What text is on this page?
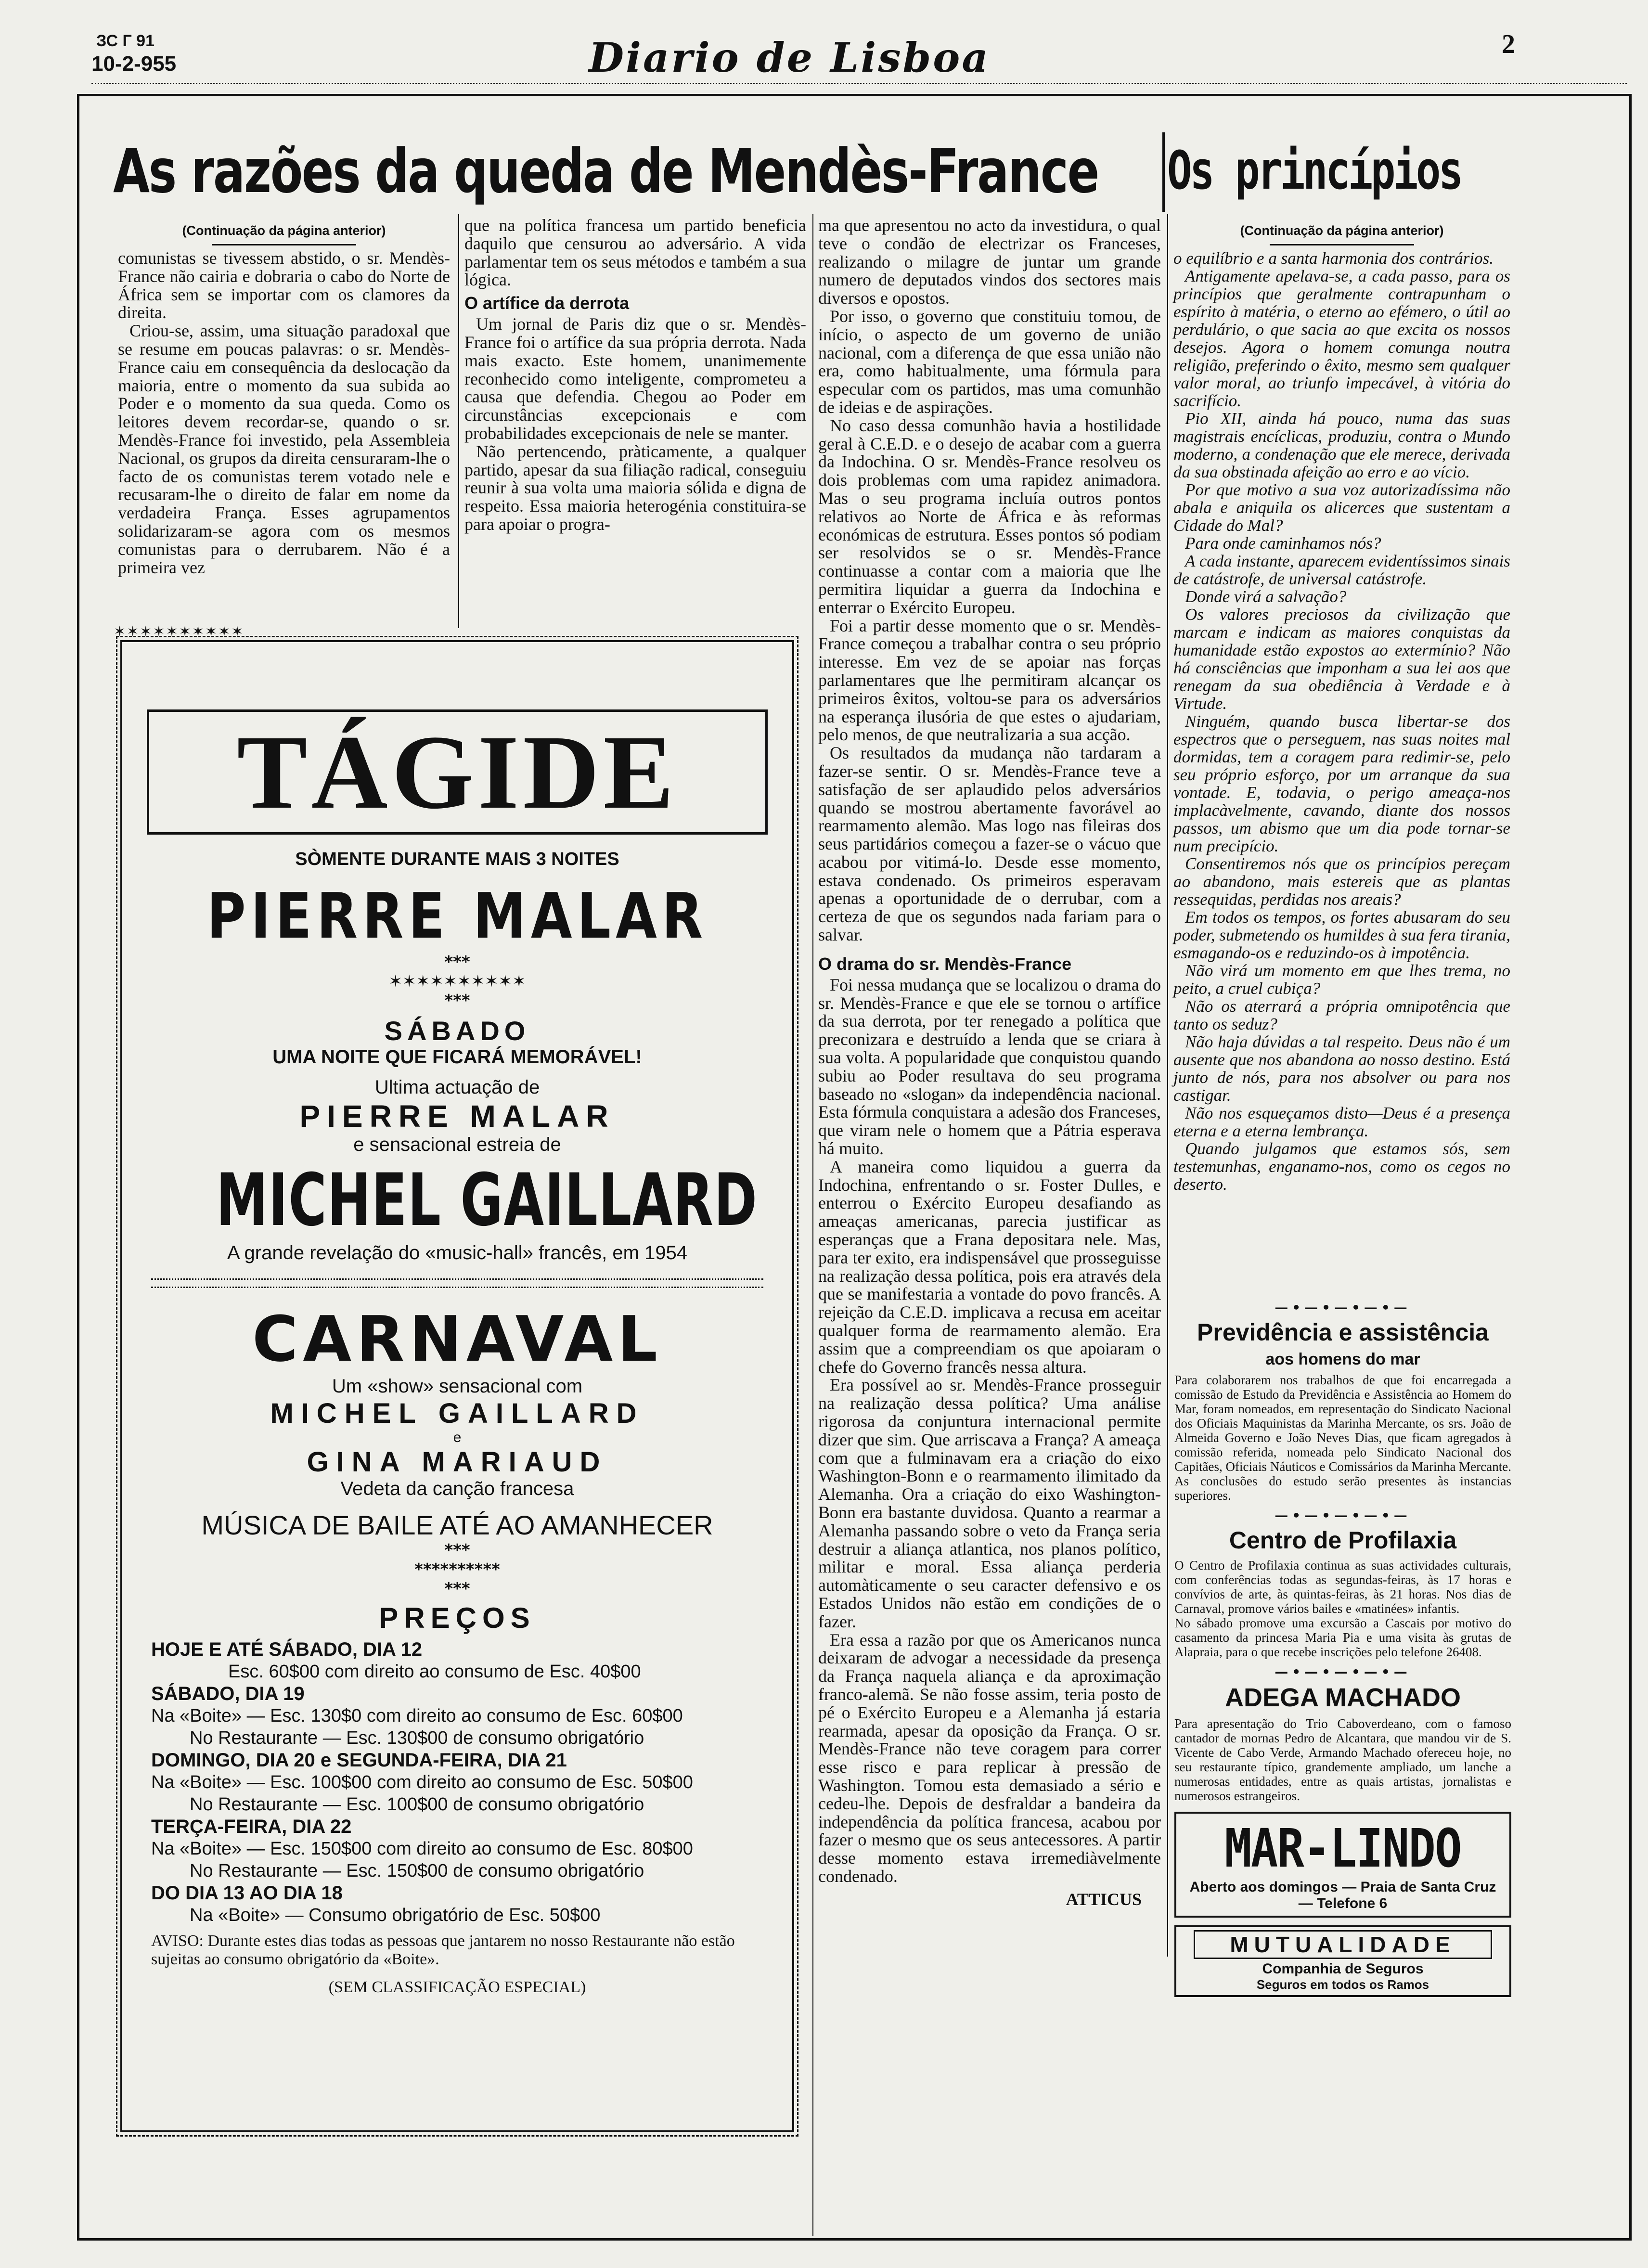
ЗС Г 91
10-2-955	Diario de Lisboa	2
As razões da queda de Mendès-France Os princípios
(Continuação da página anterior)

comunistas se tivessem abstido, o sr. Mendès-France não cairia e dobraria o cabo do Norte de África sem se importar com os clamores da direita.

Criou-se, assim, uma situação paradoxal que se resume em poucas palavras: o sr. Mendès-France caiu em consequência da deslocação da maioria, entre o momento da sua subida ao Poder e o momento da sua queda. Como os leitores devem recordar-se, quando o sr. Mendès-France foi investido, pela Assembleia Nacional, os grupos da direita censuraram-lhe o facto de os comunistas terem votado nele e recusaram-lhe o direito de falar em nome da verdadeira França. Esses agrupamentos solidarizaram-se agora com os mesmos comunistas para o derrubarem. Não é a primeira vez

que na política francesa um partido beneficia daquilo que censurou ao adversário. A vida parlamentar tem os seus métodos e também a sua lógica.

O artífice da derrota

Um jornal de Paris diz que o sr. Mendès-France foi o artífice da sua própria derrota. Nada mais exacto. Este homem, unanimemente reconhecido como inteligente, comprometeu a causa que defendia. Chegou ao Poder em circunstâncias excepcionais e com probabilidades excepcionais de nele se manter.

Não pertencendo, pràticamente, a qualquer partido, apesar da sua filiação radical, conseguiu reunir à sua volta uma maioria sólida e digna de respeito. Essa maioria heterogénia constituira-se para apoiar o progra-

ma que apresentou no acto da investidura, o qual teve o condão de electrizar os Franceses, realizando o milagre de juntar um grande numero de deputados vindos dos sectores mais diversos e opostos.

Por isso, o governo que constituiu tomou, de início, o aspecto de um governo de união nacional, com a diferença de que essa união não era, como habitualmente, uma fórmula para especular com os partidos, mas uma comunhão de ideias e de aspirações.

No caso dessa comunhão havia a hostilidade geral à C.E.D. e o desejo de acabar com a guerra da Indochina. O sr. Mendès-France resolveu os dois problemas com uma rapidez animadora. Mas o seu programa incluía outros pontos relativos ao Norte de África e às reformas económicas de estrutura. Esses pontos só podiam ser resolvidos se o sr. Mendès-France continuasse a contar com a maioria que lhe permitira liquidar a guerra da Indochina e enterrar o Exército Europeu.

Foi a partir desse momento que o sr. Mendès-France começou a trabalhar contra o seu próprio interesse. Em vez de se apoiar nas forças parlamentares que lhe permitiram alcançar os primeiros êxitos, voltou-se para os adversários na esperança ilusória de que estes o ajudariam, pelo menos, de que neutralizaria a sua acção.

Os resultados da mudança não tardaram a fazer-se sentir. O sr. Mendès-France teve a satisfação de ser aplaudido pelos adversários quando se mostrou abertamente favorável ao rearmamento alemão. Mas logo nas fileiras dos seus partidários começou a fazer-se o vácuo que acabou por vitimá-lo. Desde esse momento, estava condenado. Os primeiros esperavam apenas a oportunidade de o derrubar, com a certeza de que os segundos nada fariam para o salvar.

O drama do sr. Mendès-France

Foi nessa mudança que se localizou o drama do sr. Mendès-France e que ele se tornou o artífice da sua derrota, por ter renegado a política que preconizara e destruído a lenda que se criara à sua volta. A popularidade que conquistou quando subiu ao Poder resultava do seu programa baseado no «slogan» da independência nacional. Esta fórmula conquistara a adesão dos Franceses, que viram nele o homem que a Pátria esperava há muito.

A maneira como liquidou a guerra da Indochina, enfrentando o sr. Foster Dulles, e enterrou o Exército Europeu desafiando as ameaças americanas, parecia justificar as esperanças que a Frana depositara nele. Mas, para ter exito, era indispensável que prosseguisse na realização dessa política, pois era através dela que se manifestaria a vontade do povo francês. A rejeição da C.E.D. implicava a recusa em aceitar qualquer forma de rearmamento alemão. Era assim que a compreendiam os que apoiaram o chefe do Governo francês nessa altura.

Era possível ao sr. Mendès-France prosseguir na realização dessa política? Uma análise rigorosa da conjuntura internacional permite dizer que sim. Que arriscava a França? A ameaça com que a fulminavam era a criação do eixo Washington-Bonn e o rearmamento ilimitado da Alemanha. Ora a criação do eixo Washington-Bonn era bastante duvidosa. Quanto a rearmar a Alemanha passando sobre o veto da França seria destruir a aliança atlantica, nos planos político, militar e moral. Essa aliança perderia automàticamente o seu caracter defensivo e os Estados Unidos não estão em condições de o fazer.

Era essa a razão por que os Americanos nunca deixaram de advogar a necessidade da presença da França naquela aliança e da aproximação franco-alemã. Se não fosse assim, teria posto de pé o Exército Europeu e a Alemanha já estaria rearmada, apesar da oposição da França. O sr. Mendès-France não teve coragem para correr esse risco e para replicar à pressão de Washington. Tomou esta demasiado a sério e cedeu-lhe. Depois de desfraldar a bandeira da independência da política francesa, acabou por fazer o mesmo que os seus antecessores. A partir desse momento estava irremediàvelmente condenado.

ATTICUS
(Continuação da página anterior)

o equilíbrio e a santa harmonia dos contrários.

Antigamente apelava-se, a cada passo, para os princípios que geralmente contrapunham o espírito à matéria, o eterno ao efémero, o útil ao perdulário, o que sacia ao que excita os nossos desejos. Agora o homem comunga noutra religião, preferindo o êxito, mesmo sem qualquer valor moral, ao triunfo impecável, à vitória do sacrifício.

Pio XII, ainda há pouco, numa das suas magistrais encíclicas, produziu, contra o Mundo moderno, a condenação que ele merece, derivada da sua obstinada afeição ao erro e ao vício.

Por que motivo a sua voz autorizadíssima não abala e aniquila os alicerces que sustentam a Cidade do Mal?

Para onde caminhamos nós?

A cada instante, aparecem evidentíssimos sinais de catástrofe, de universal catástrofe.

Donde virá a salvação?

Os valores preciosos da civilização que marcam e indicam as maiores conquistas da humanidade estão expostos ao extermínio? Não há consciências que imponham a sua lei aos que renegam da sua obediência à Verdade e à Virtude.

Ninguém, quando busca libertar-se dos espectros que o perseguem, nas suas noites mal dormidas, tem a coragem para redimir-se, pelo seu próprio esforço, por um arranque da sua vontade. E, todavia, o perigo ameaça-nos implacàvelmente, cavando, diante dos nossos passos, um abismo que um dia pode tornar-se num precipício.

Consentiremos nós que os princípios pereçam ao abandono, mais estereis que as plantas ressequidas, perdidas nos areais?

Em todos os tempos, os fortes abusaram do seu poder, submetendo os humildes à sua fera tirania, esmagando-os e reduzindo-os à impotência.

Não virá um momento em que lhes trema, no peito, a cruel cubiça?

Não os aterrará a própria omnipotência que tanto os seduz?

Não haja dúvidas a tal respeito. Deus não é um ausente que nos abandona ao nosso destino. Está junto de nós, para nos absolver ou para nos castigar.

Não nos esqueçamos disto—Deus é a presença eterna e a eterna lembrança.

Quando julgamos que estamos sós, sem testemunhas, enganamo-nos, como os cegos no deserto.

—•—•—•—•—
Previdência e assistência
aos homens do mar
Para colaborarem nos trabalhos de que foi encarregada a comissão de Estudo da Previdência e Assistência ao Homem do Mar, foram nomeados, em representação do Sindicato Nacional dos Oficiais Maquinistas da Marinha Mercante, os srs. João de Almeida Governo e João Neves Dias, que ficam agregados à comissão referida, nomeada pelo Sindicato Nacional dos Capitães, Oficiais Náuticos e Comissários da Marinha Mercante. As conclusões do estudo serão presentes às instancias superiores.
—•—•—•—•—
Centro de Profilaxia
O Centro de Profilaxia continua as suas actividades culturais, com conferências todas as segundas-feiras, às 17 horas e convívios de arte, às quintas-feiras, às 21 horas. Nos dias de Carnaval, promove vários bailes e «matinées» infantis.
No sábado promove uma excursão a Cascais por motivo do casamento da princesa Maria Pia e uma visita às grutas de Alapraia, para o que recebe inscrições pelo telefone 26408.
—•—•—•—•—
ADEGA MACHADO
Para apresentação do Trio Caboverdeano, com o famoso cantador de mornas Pedro de Alcantara, que mandou vir de S. Vicente de Cabo Verde, Armando Machado ofereceu hoje, no seu restaurante típico, grandemente ampliado, um lanche a numerosas entidades, entre as quais artistas, jornalistas e numerosos estrangeiros.
MAR-LINDO
Aberto aos domingos — Praia de Santa Cruz — Telefone 6
MUTUALIDADE
Companhia de Seguros
Seguros em todos os Ramos
✶✶✶✶✶✶✶✶✶✶
TÁGIDE
SÒMENTE DURANTE MAIS 3 NOITES
PIERRE MALAR
***
✶✶✶✶✶✶✶✶✶✶
***
SÁBADO
UMA NOITE QUE FICARÁ MEMORÁVEL!
Ultima actuação de
PIERRE MALAR
e sensacional estreia de
MICHEL GAILLARD
A grande revelação do «music-hall» francês, em 1954
CARNAVAL
Um «show» sensacional com
MICHEL GAILLARD
e
GINA MARIAUD
Vedeta da canção francesa
MÚSICA DE BAILE ATÉ AO AMANHECER
***
**********
***
PREÇOS
HOJE E ATÉ SÁBADO, DIA 12
Esc. 60$00 com direito ao consumo de Esc. 40$00
SÁBADO, DIA 19
Na «Boite» — Esc. 130$0 com direito ao consumo de Esc. 60$00
No Restaurante — Esc. 130$00 de consumo obrigatório
DOMINGO, DIA 20 e SEGUNDA-FEIRA, DIA 21
Na «Boite» — Esc. 100$00 com direito ao consumo de Esc. 50$00
No Restaurante — Esc. 100$00 de consumo obrigatório
TERÇA-FEIRA, DIA 22
Na «Boite» — Esc. 150$00 com direito ao consumo de Esc. 80$00
No Restaurante — Esc. 150$00 de consumo obrigatório
DO DIA 13 AO DIA 18
Na «Boite» — Consumo obrigatório de Esc. 50$00
AVISO: Durante estes dias todas as pessoas que jantarem no nosso Restaurante não estão sujeitas ao consumo obrigatório da «Boite».
(SEM CLASSIFICAÇÃO ESPECIAL)
